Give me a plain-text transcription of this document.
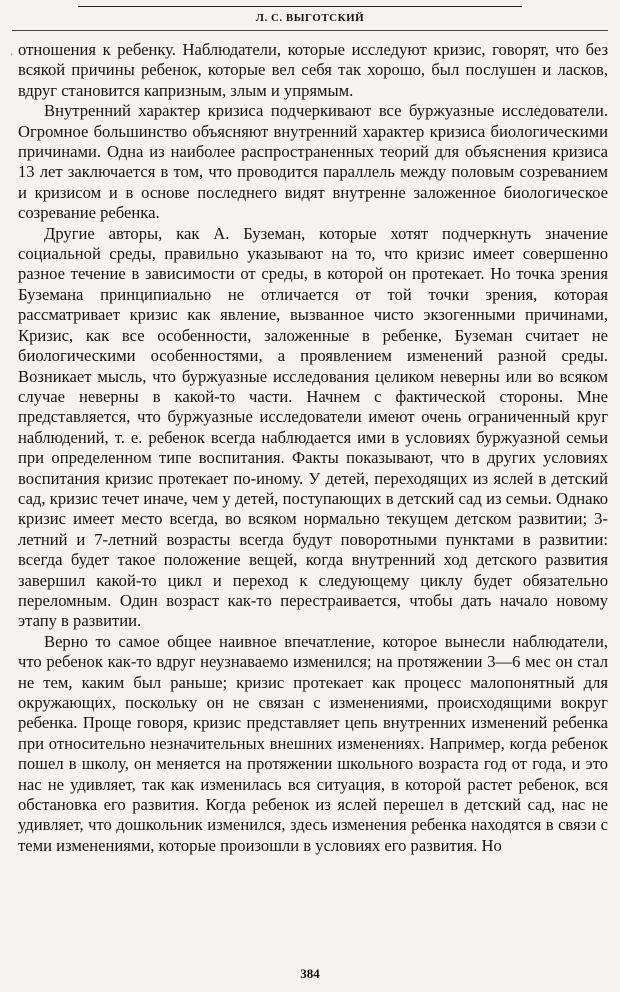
Л. С. ВЫГОТСКИЙ
' отношения к ребенку. Наблюдатели, которые исследуют кризис, говорят, что без всякой причины ребенок, которые вел себя так хорошо, был послушен и ласков, вдруг становится капризным, злым и упрямым.

Внутренний характер кризиса подчеркивают все буржуазные исследователи. Огромное большинство объясняют внутренний характер кризиса биологическими причинами. Одна из наиболее распространенных теорий для объяснения кризиса 13 лет заключается в том, что проводится параллель между половым созреванием и кризисом и в основе последнего видят внутренне заложенное биологическое созревание ребенка.

Другие авторы, как А. Буземан, которые хотят подчеркнуть значение социальной среды, правильно указывают на то, что кризис имеет совершенно разное течение в зависимости от среды, в которой он протекает. Но точка зрения Буземана принципиально не отличается от той точки зрения, которая рассматривает кризис как явление, вызванное чисто экзогенными причинами, Кризис, как все особенности, заложенные в ребенке, Буземан считает не биологическими особенностями, а проявлением изменений разной среды. Возникает мысль, что буржуазные исследования целиком неверны или во всяком случае неверны в какой-то части. Начнем с фактической стороны. Мне представляется, что буржуазные исследователи имеют очень ограниченный круг наблюдений, т. е. ребенок всегда наблюдается ими в условиях буржуазной семьи при определенном типе воспитания. Факты показывают, что в других условиях воспитания кризис протекает по-иному. У детей, переходящих из яслей в детский сад, кризис течет иначе, чем у детей, поступающих в детский сад из семьи. Однако кризис имеет место всегда, во всяком нормально текущем детском развитии; 3-летний и 7-летний возрасты всегда будут поворотными пунктами в развитии: всегда будет такое положение вещей, когда внутренний ход детского развития завершил какой-то цикл и переход к следующему циклу будет обязательно переломным. Один возраст как-то перестраивается, чтобы дать начало новому этапу в развитии.

Верно то самое общее наивное впечатление, которое вынесли наблюдатели, что ребенок как-то вдруг неузнаваемо изменился; на протяжении 3—6 мес он стал не тем, каким был раньше; кризис протекает как процесс малопонятный для окружающих, поскольку он не связан с изменениями, происходящими вокруг ребенка. Проще говоря, кризис представляет цепь внутренних изменений ребенка при относительно незначительных внешних изменениях. Например, когда ребенок пошел в школу, он меняется на протяжении школьного возраста год от года, и это нас не удивляет, так как изменилась вся ситуация, в которой растет ребенок, вся обстановка его развития. Когда ребенок из яслей перешел в детский сад, нас не удивляет, что дошкольник изменился, здесь изменения ребенка находятся в связи с теми изменениями, которые произошли в условиях его развития. Но

384
